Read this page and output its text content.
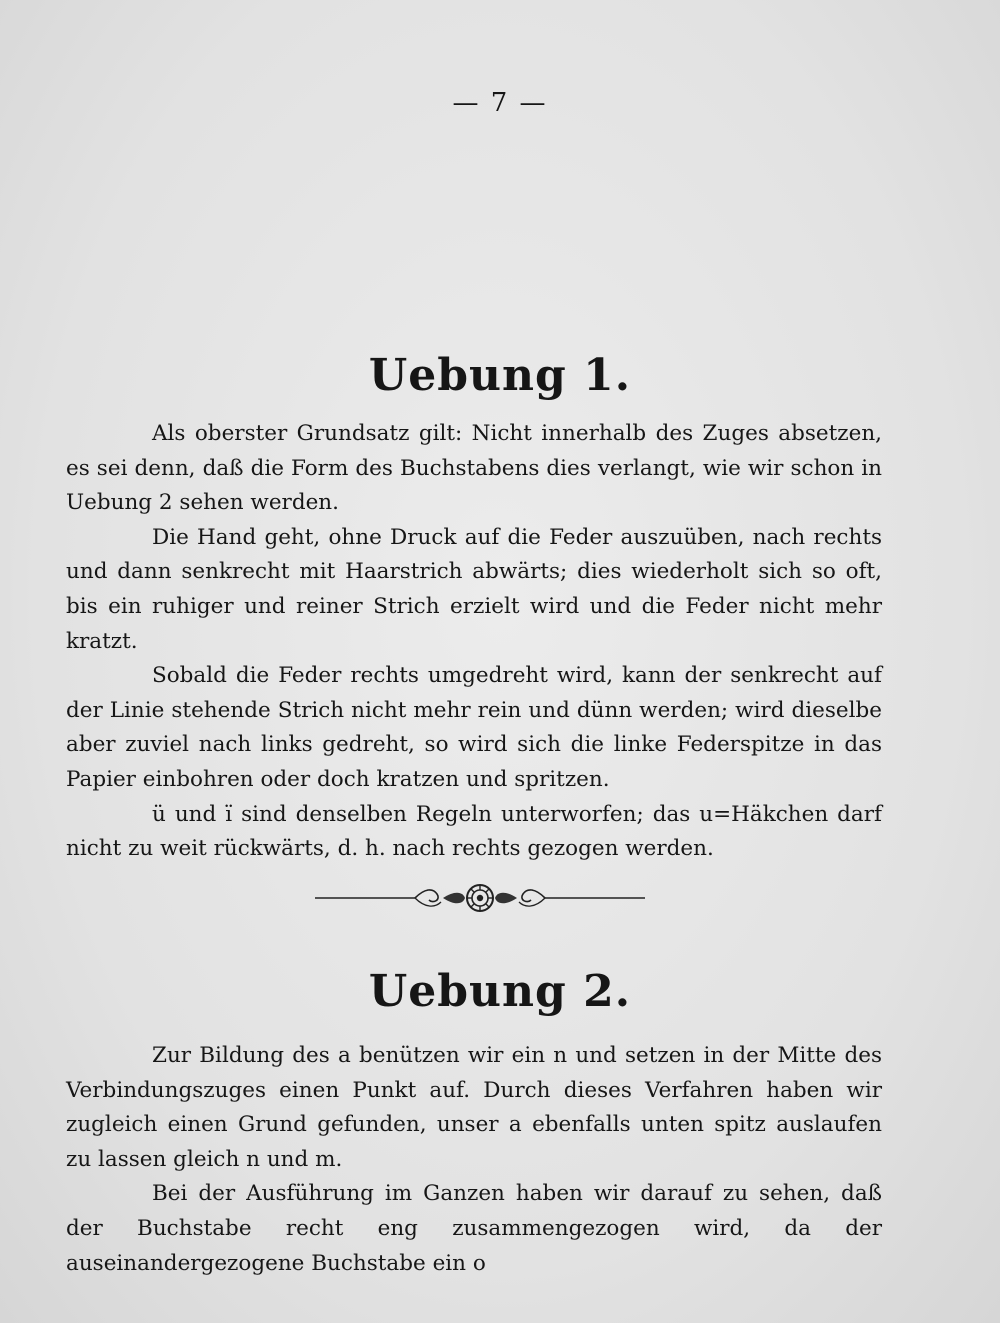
— 7 —
Uebung 1.

Als oberster Grundsatz gilt: Nicht innerhalb des Zuges absetzen, es sei denn, daß die Form des Buchstabens dies verlangt, wie wir schon in Uebung 2 sehen werden.

Die Hand geht, ohne Druck auf die Feder auszuüben, nach rechts und dann senkrecht mit Haarstrich abwärts; dies wiederholt sich so oft, bis ein ruhiger und reiner Strich erzielt wird und die Feder nicht mehr kratzt.

Sobald die Feder rechts umgedreht wird, kann der senkrecht auf der Linie stehende Strich nicht mehr rein und dünn werden; wird dieselbe aber zuviel nach links gedreht, so wird sich die linke Federspitze in das Papier einbohren oder doch kratzen und spritzen.

ü und ï sind denselben Regeln unterworfen; das u=Häkchen darf nicht zu weit rückwärts, d. h. nach rechts gezogen werden.

Uebung 2.

Zur Bildung des a benützen wir ein n und setzen in der Mitte des Verbindungszuges einen Punkt auf. Durch dieses Verfahren haben wir zugleich einen Grund gefunden, unser a ebenfalls unten spitz auslaufen zu lassen gleich n und m.

Bei der Ausführung im Ganzen haben wir darauf zu sehen, daß der Buchstabe recht eng zusammengezogen wird, da der auseinandergezogene Buchstabe ein o
